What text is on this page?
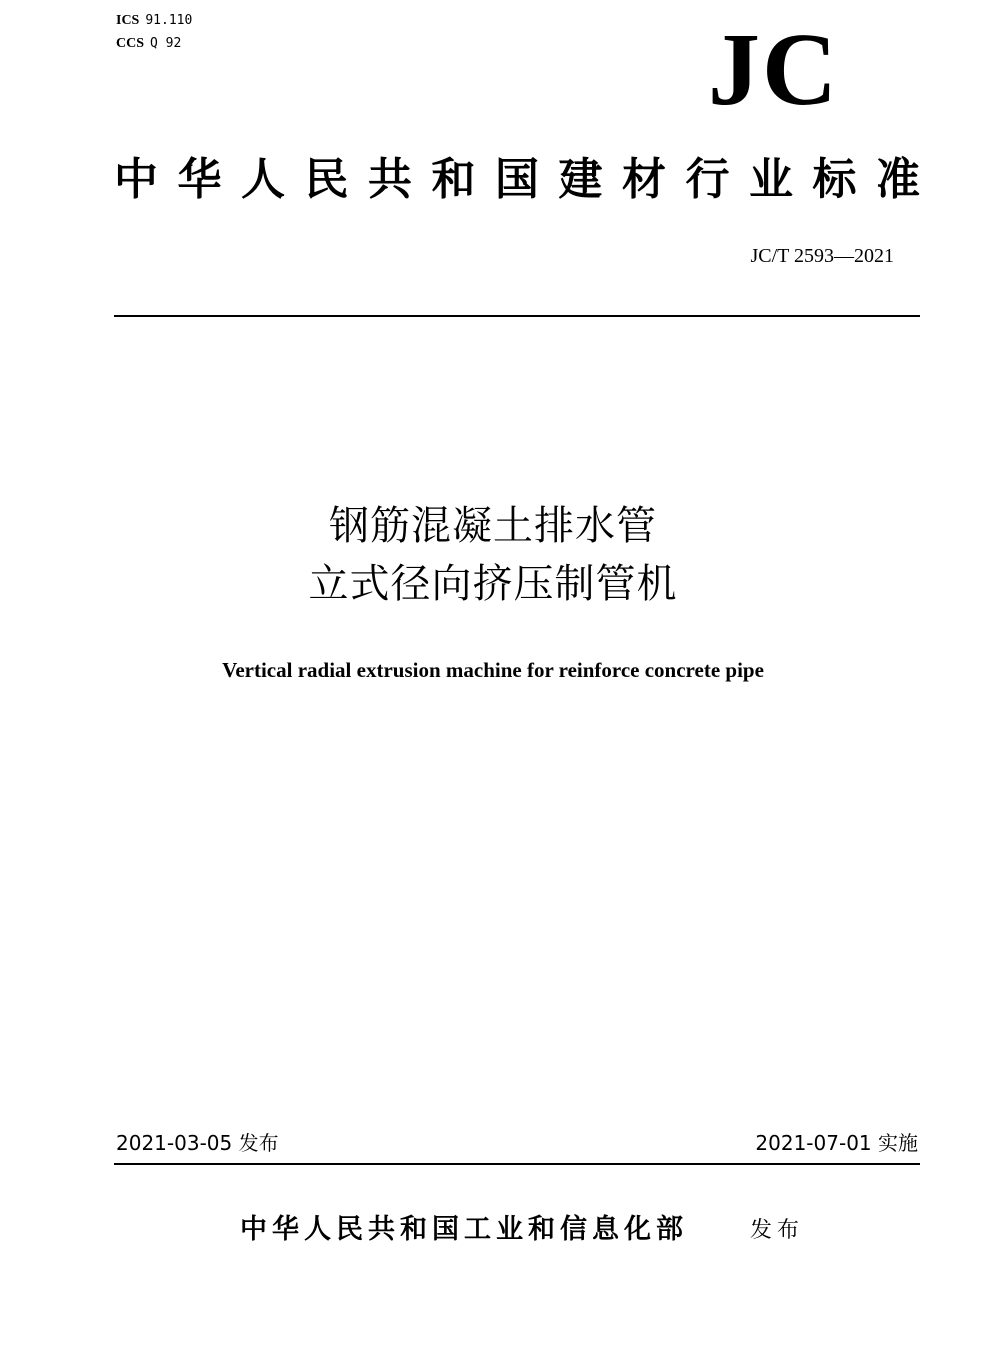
ICS 91.110
CCS Q 92	JC
中华人民共和国建材行业标准
JC/T 2593—2021
钢筋混凝土排水管
立式径向挤压制管机
Vertical radial extrusion machine for reinforce concrete pipe
2021-03-05 发布	2021-07-01 实施
中华人民共和国工业和信息化部	发布
